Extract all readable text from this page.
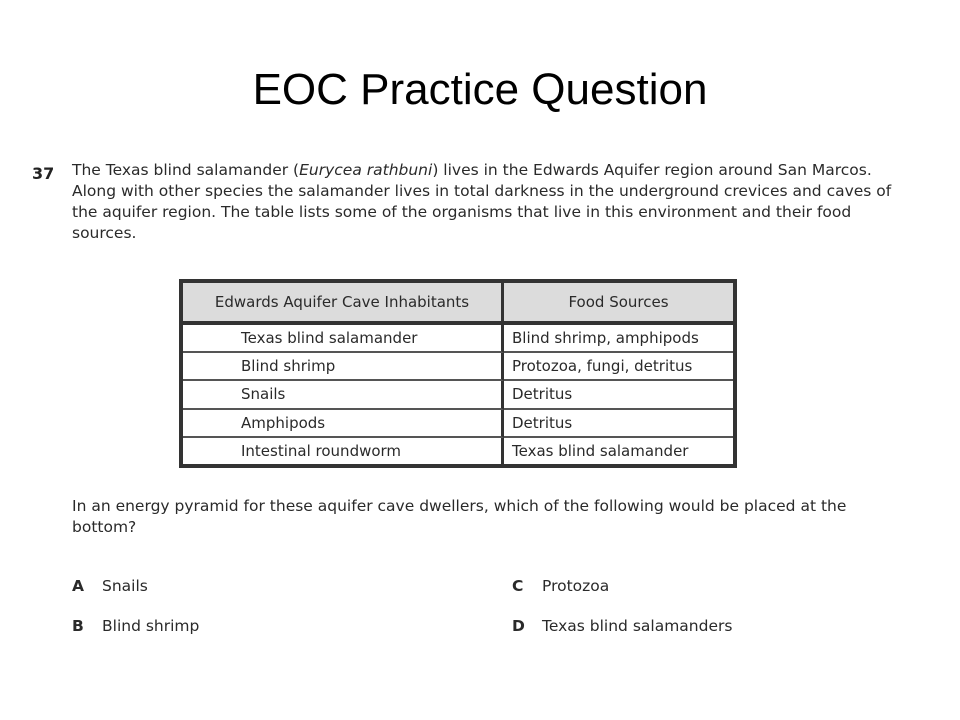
EOC Practice Question
37 The Texas blind salamander (Eurycea rathbuni) lives in the Edwards Aquifer region around San Marcos. Along with other species the salamander lives in total darkness in the underground crevices and caves of the aquifer region. The table lists some of the organisms that live in this environment and their food sources.
Edwards Aquifer Cave Inhabitants	Food Sources
Texas blind salamander	Blind shrimp, amphipods
Blind shrimp	Protozoa, fungi, detritus
Snails	Detritus
Amphipods	Detritus
Intestinal roundworm	Texas blind salamander
In an energy pyramid for these aquifer cave dwellers, which of the following would be placed at the bottom?
A Snails
B Blind shrimp
C Protozoa
D Texas blind salamanders
